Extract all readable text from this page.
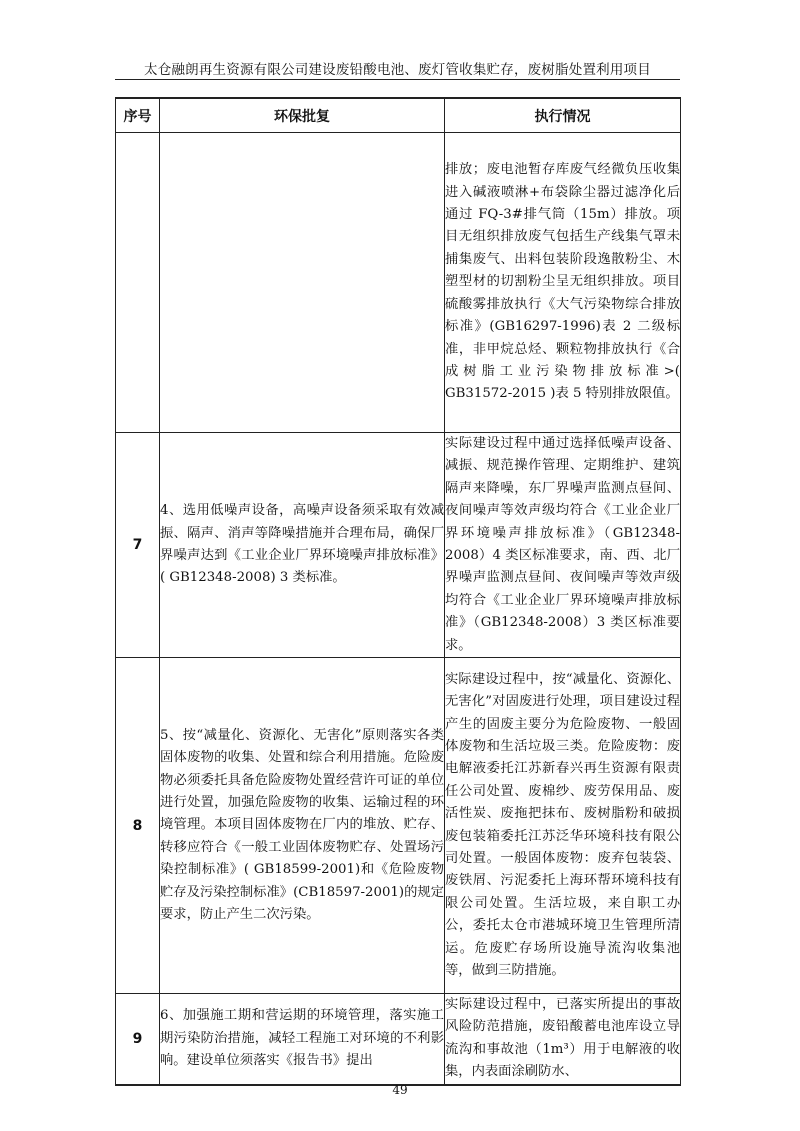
太仓融朗再生资源有限公司建设废铅酸电池、废灯管收集贮存，废树脂处置利用项目
序号	环保批复	执行情况
		排放；废电池暂存库废气经微负压收集进入碱液喷淋+布袋除尘器过滤净化后通过 FQ-3#排气筒（15m）排放。项目无组织排放废气包括生产线集气罩未捕集废气、出料包装阶段逸散粉尘、木塑型材的切割粉尘呈无组织排放。项目硫酸雾排放执行《大气污染物综合排放标准》(GB16297-1996)表 2 二级标准，非甲烷总烃、颗粒物排放执行《合成树脂工业污染物排放标准>( GB31572-2015 )表 5 特别排放限值。
7	4、选用低噪声设备，高噪声设备须采取有效减振、隔声、消声等降噪措施并合理布局，确保厂界噪声达到《工业企业厂界环境噪声排放标准》( GB12348-2008) 3 类标准。	实际建设过程中通过选择低噪声设备、减振、规范操作管理、定期维护、建筑隔声来降噪，东厂界噪声监测点昼间、夜间噪声等效声级均符合《工业企业厂界环境噪声排放标准》（GB12348-2008）4 类区标准要求，南、西、北厂界噪声监测点昼间、夜间噪声等效声级均符合《工业企业厂界环境噪声排放标准》（GB12348-2008）3 类区标准要求。
8	5、按“减量化、资源化、无害化”原则落实各类固体废物的收集、处置和综合利用措施。危险废物必须委托具备危险废物处置经营许可证的单位进行处置，加强危险废物的收集、运输过程的环境管理。本项目固体废物在厂内的堆放、贮存、转移应符合《一般工业固体废物贮存、处置场污染控制标准》( GB18599-2001)和《危险废物贮存及污染控制标准》(CB18597-2001)的规定要求，防止产生二次污染。	实际建设过程中，按“减量化、资源化、无害化”对固废进行处理，项目建设过程产生的固废主要分为危险废物、一般固体废物和生活垃圾三类。危险废物：废电解液委托江苏新春兴再生资源有限责任公司处置、废棉纱、废劳保用品、废活性炭、废拖把抹布、废树脂粉和破损废包装箱委托江苏泛华环境科技有限公司处置。一般固体废物：废弃包装袋、废铁屑、污泥委托上海环帮环境科技有限公司处置。生活垃圾，来自职工办公，委托太仓市港城环境卫生管理所清运。危废贮存场所设施导流沟收集池等，做到三防措施。
9	6、加强施工期和营运期的环境管理，落实施工期污染防治措施，减轻工程施工对环境的不利影响。建设单位须落实《报告书》提出	实际建设过程中，已落实所提出的事故风险防范措施，废铅酸蓄电池库设立导流沟和事故池（1m³）用于电解液的收集，内表面涂刷防水、
49
